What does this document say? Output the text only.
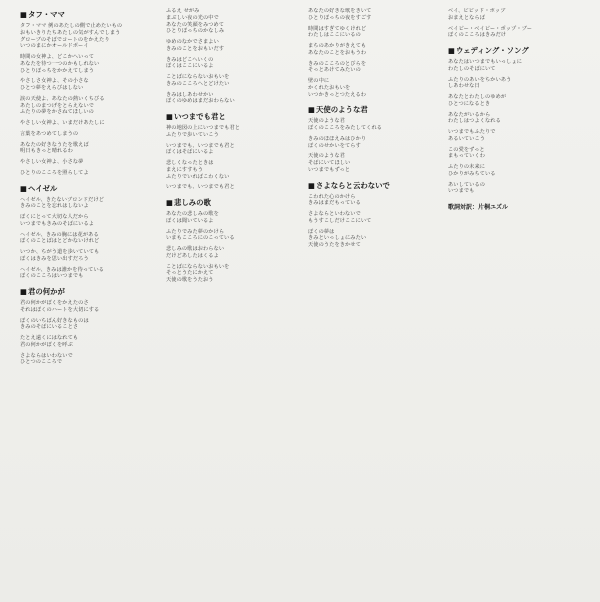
■ タフ・ママ
タフ・ママ 例のあたしの側で止めたいもの
おもいきりたちあたしの気がすんでしまう
グローブのそばでコートのをかえたり
いつのまにかオールドボーイ
時間の女神よ、どこかへいって
あなたを待つ一つのかもしれない
ひとりぼっちをかかえてしまう
やさしさ女神よ、その小さな
ひとつ夢をえらびはしない
涙の天使よ、あなたの熱いくちびる
あたしのまつげをとらえないで
ふたりの夢をかさねてほしいの
やさしい女神よ、いまだけあたしに
言葉をあつめてしまうの
あなたの好きなうたを歌えば
明日もきっと晴れるわ
やさしい女神よ、小さな夢
ひとりのこころを照らしてよ
■ ヘイゼル
ヘイゼル、きたないブロンドだけど
きみのことを忘れはしないよ
ぼくにとって大切な人だから
いつまでもきみのそばにいるよ
ヘイゼル、きみの胸には花がある
ぼくのことばはとどかないけれど
いつか、ちがう道を歩いていても
ぼくはきみを思い出すだろう
ヘイゼル、きみは誰かを待っている
ぼくのこころはいつまでも
■ 君の何かが
君の何かがぼくをかえたのさ
それはぼくのハートを大切にする
ぼくのいちばん好きなものは
きみのそばにいることさ
たとえ遠くにはなれても
君の何かがぼくを呼ぶ
さよならはいわないで
ひとつのこころで
ふるえ せがみ
まぶしい夜の光の中で
あなたの笑顔をみつめて
ひとりぼっちのかなしみ
ゆめのなかでさまよい
きみのことをおもいだす
きみはどこへいくの
ぼくはここにいるよ
ことばにならないおもいを
きみのこころへとどけたい
きみはしあわせかい
ぼくのゆめはまだおわらない
■ いつまでも君と
神の地図の上にいつまでも君と
ふたりで歩いていこう
いつまでも、いつまでも君と
ぼくはそばにいるよ
悲しくなったときは
まえにすすもう
ふたりでいればこわくない
いつまでも、いつまでも君と
■ 悲しみの歌
あなたの悲しみの歌を
ぼくは聞いているよ
ふたりでみた夢のかけら
いまもこころにのこっている
悲しみの歌はおわらない
だけどあしたはくるよ
ことばにならないおもいを
そっとうたにかえて
天使の歌をうたおう
あなたの好きな歌をきいて
ひとりぼっちの夜をすごす
時間はすぎてゆくけれど
わたしはここにいるの
まちのあかりがきえても
あなたのことをおもうわ
きみのこころのとびらを
そっとあけてみたいの
壁の中に
かくれたおもいを
いつかきっとつたえるわ
■ 天使のような君
天使のような君
ぼくのこころをみたしてくれる
きみのほほえみはひかり
ぼくのせかいをてらす
天使のような君
そばにいてほしい
いつまでもずっと
■ さよならと云わないで
こわれた心のかけら
きみはまだもっている
さよならといわないで
もうすこしだけここにいて
ぼくの夢は
きみといっしょにみたい
天使のうたをきかせて
ベイ、ビビッド・ポップ
おまえとならば
ベイビー・ベイビー・ポップ・ブー
ぼくのこころはきみだけ
■ ウェディング・ソング
あなたはいつまでもいっしょに
わたしのそばにいて
ふたりのあいをちかいあう
しあわせな日
あなたとわたしのゆめが
ひとつになるとき
あなたがいるから
わたしはつよくなれる
いつまでもふたりで
あるいていこう
この愛をずっと
まもっていくわ
ふたりの未来に
ひかりがみちている
あいしているの
いつまでも
歌詞対訳：片桐ユズル
